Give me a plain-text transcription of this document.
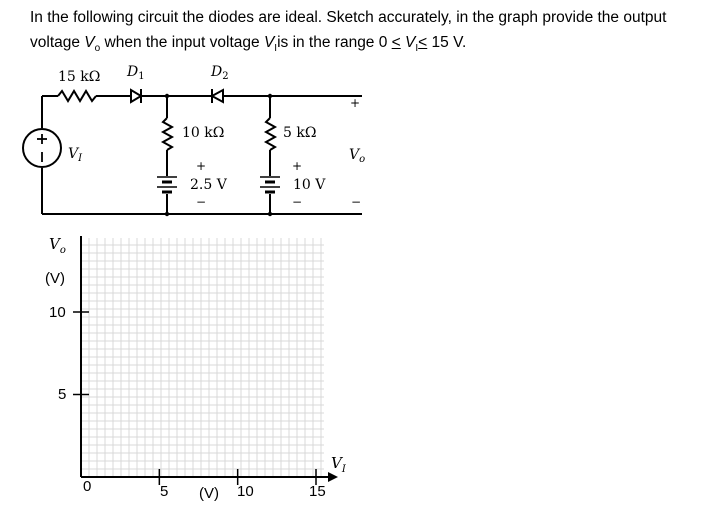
In the following circuit the diodes are ideal. Sketch accurately, in the graph provide the output
voltage $V_o$ when the input voltage $V_Iis$ in the range $0 < V_I< 15$ V.
15 kΩ $D_1$	$D_2$
10 kΩ	5 kΩ
$V_I$
+
2.5 V
−
+
10 V
−
+
$V_o$
−
$V_o$
(V)
10
5
0	5 (V) 10	15
$V_I$
